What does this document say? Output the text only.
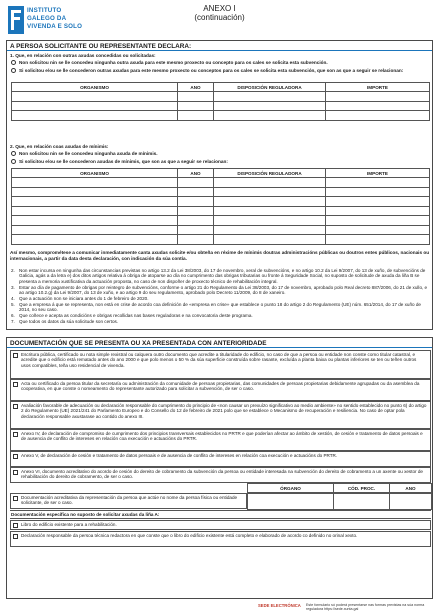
INSTITUTO
GALEGO DA
VIVENDA E SOLO
ANEXO I
(continuación)
A PERSOA SOLICITANTE OU REPRESENTANTE DECLARA:
1. Que, en relación con outras axudas concedidas ou solicitadas:
Non solicitou nin se lle concedeu ningunha outra axuda para este mesmo proxecto ou concepto para os cales se solicita esta subvención.
Si solicitou e/ou se lle concederon outras axudas para este mesmo proxecto ou conceptos para os cales se solicita esta subvención, que son as que a seguir se relacionan:
ORGANISMO	ANO	DISPOSICIÓN REGULADORA	IMPORTE

2. Que, en relación coas axudas de mínimis:
Non solicitou nin se lle concedeu ningunha axuda de mínimis.
Si solicitou e/ou se lle concederon axudas de mínimis, que son as que a seguir se relacionan:
ORGANISMO	ANO	DISPOSICIÓN REGULADORA	IMPORTE

Así mesmo, comprométese a comunicar inmediatamente canta axudas solicite e/ou obteña en réxime de mínimis doutras administracións públicas ou doutros entes públicos, nacionais ou internacionais, a partir da data desta declaración, con indicación da súa contía.
2. Non estar incursa en ningunha das circunstancias previstas no artigo 13.2 da Lei 38/2003, do 17 de novembro, xeral de subvencións, e no artigo 10.2 da Lei 9/2007, do 13 de xuño, de subvencións de Galicia, agás a da letra e) dos ditos artigos relativa á obriga de atoparse ao día no cumprimento das obrigas tributarias ou fronte á Seguridade Social, no suposto de solicitude de axuda da liña B se presenta a memoria xustificativa da actuación proposta, no caso de non dispoñer de proxecto técnico de rehabilitación integral.
3. Estar ao día de pagamento de obrigas por reintegro de subvencións, conforme o artigo 21 do Regulamento da Lei 38/2003, do 17 de novembro, aprobado polo Real decreto 887/2006, do 21 de xullo, e ao artigo 10.2.g) da Lei 9/2007, do 13 de xuño, e ao artigo 9 do seu regulamento, aprobado polo Decreto 11/2009, do 8 de xaneiro.
4. Que a actuación non se iniciara antes do 1 de febreiro de 2020.
5. Que a empresa á que se representa, non está en crise de acordo coa definición de «empresa en crise» que establece o punto 18 do artigo 2 do Regulamento (UE) núm. 651/2014, do 17 de xuño de 2014, no seu caso.
6. Que coñece e acepta as condicións e obrigas recollidas nas bases reguladoras e na convocatoria deste programa.
7. Que todos os datos da súa solicitude son certos.
DOCUMENTACIÓN QUE SE PRESENTA OU XA PRESENTADA CON ANTERIORIDADE
Escritura pública, certificado ou nota simple rexistral ou calquera outro documento que acredite a titularidade do edificio, no caso de que a persoa ou entidade non conste como titular catastral, e acredite que o edificio está rematado antes do ano 2000 e que polo menos o 50 % da súa superficie construída sobre rasante, excluída a planta baixa ou plantas inferiores se ten ou teñen outros usos compatibles, teña uso residencial de vivenda.
Acta ou certificado da persoa titular da secretaría ou administración da comunidade de persoas propietarias, das comunidades de persoas propietarias debidamente agrupadas ou da asemblea da cooperativa, en que conste o nomeamento do representante autorizado para solicitar a subvención, de ser o caso.
Avaliación favorable de adecuación ou declaración responsable do cumprimento do principio de «non causar un prexuízo significativo ao medio ambiente» no sentido establecido no punto 6) do artigo 2 do Regulamento (UE) 2021/241 do Parlamento Europeo e do Consello do 12 de febreiro de 2021 polo que se establece o Mecanismo de recuperación e resiliencia. No caso de optar pola declaración responsable axustarase ao contido do anexo III.
Anexo IV, de declaración de compromiso de cumprimento dos principios transversais establecidos no PRTR e que poderían afectar ao ámbito de xestión, de cesión e tratamento de datos persoais e de ausencia de conflito de intereses en relación coa execución e actuacións do PRTR.
Anexo V, de declaración de cesión e tratamento de datos persoais e de ausencia de conflito de intereses en relación coa execución e actuacións do PRTR.
Anexo VI, documento acreditativo do acordo de cesión do dereito de cobramento da subvención da persoa ou entidade interesada na subvención do dereito de cobramento a un axente ou xestor de rehabilitación do dereito de cobramento, de ser o caso.
ÓRGANO	CÓD. PROC.	ANO
Documentación acreditativa da representación da persoa que actúe no nome da persoa física ou entidade solicitante, de ser o caso.

Documentación específica no suposto de solicitar axudas da liña A:
Libro do edificio existente para a rehabilitación.
Declaración responsable da persoa técnica redactora en que conste que o libro do edificio existente está completo e elaborado de acordo co definido no orinal xexto.
SEDE ELECTRÓNICA Este formulario só poderá presentarse nas formas previstas na súa norma reguladora https://sede.xunta.gal
